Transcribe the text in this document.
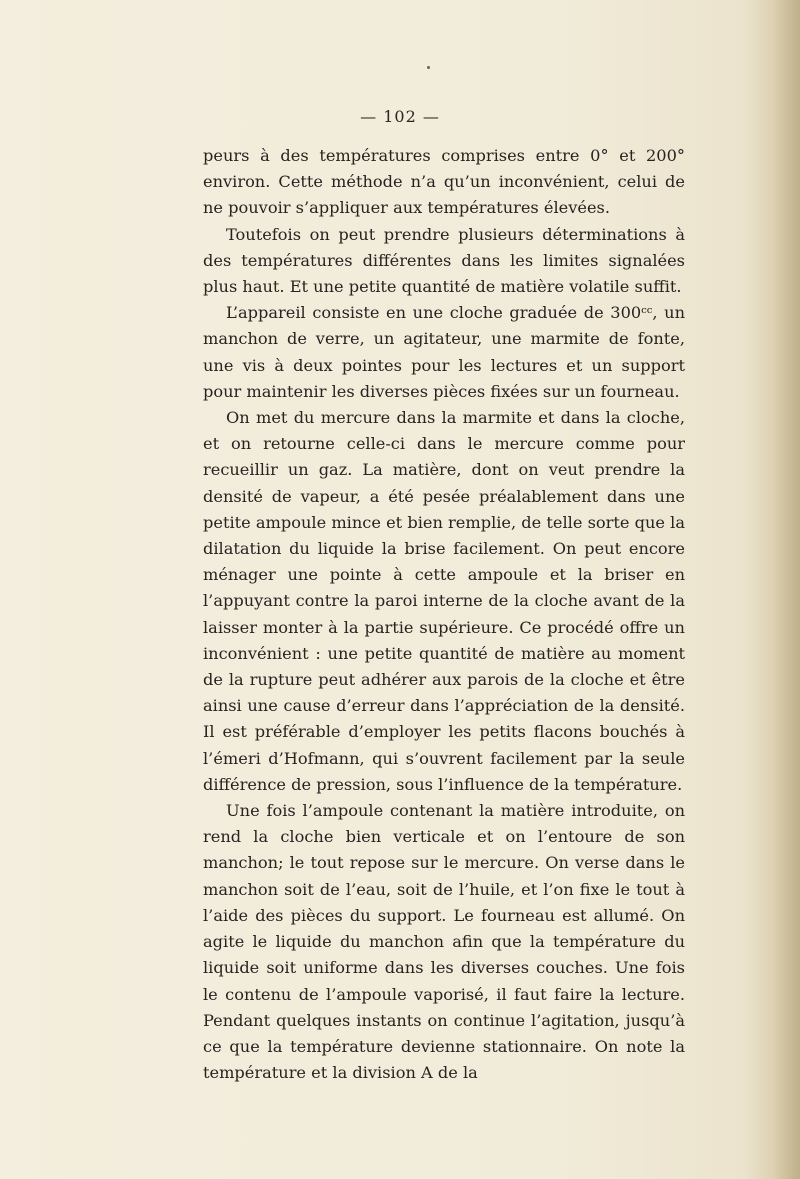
— 102 —

peurs à des températures comprises entre 0° et 200° environ. Cette méthode n’a qu’un inconvénient, celui de ne pouvoir s’appliquer aux températures élevées.

Toutefois on peut prendre plusieurs déterminations à des températures différentes dans les limites signalées plus haut. Et une petite quantité de matière volatile suffit.

L’appareil consiste en une cloche graduée de 300ᶜᶜ, un manchon de verre, un agitateur, une marmite de fonte, une vis à deux pointes pour les lectures et un support pour maintenir les diverses pièces fixées sur un fourneau.

On met du mercure dans la marmite et dans la cloche, et on retourne celle-ci dans le mercure comme pour recueillir un gaz. La matière, dont on veut prendre la densité de vapeur, a été pesée préalablement dans une petite ampoule mince et bien remplie, de telle sorte que la dilatation du liquide la brise facilement. On peut encore ménager une pointe à cette ampoule et la briser en l’appuyant contre la paroi interne de la cloche avant de la laisser monter à la partie supérieure. Ce procédé offre un inconvénient : une petite quantité de matière au moment de la rupture peut adhérer aux parois de la cloche et être ainsi une cause d’erreur dans l’appréciation de la densité. Il est préférable d’employer les petits flacons bouchés à l’émeri d’Hofmann, qui s’ouvrent facilement par la seule différence de pression, sous l’influence de la température.

Une fois l’ampoule contenant la matière introduite, on rend la cloche bien verticale et on l’entoure de son manchon; le tout repose sur le mercure. On verse dans le manchon soit de l’eau, soit de l’huile, et l’on fixe le tout à l’aide des pièces du support. Le fourneau est allumé. On agite le liquide du manchon afin que la température du liquide soit uniforme dans les diverses couches. Une fois le contenu de l’ampoule vaporisé, il faut faire la lecture. Pendant quelques instants on continue l’agitation, jusqu’à ce que la température devienne stationnaire. On note la température et la division A de la
